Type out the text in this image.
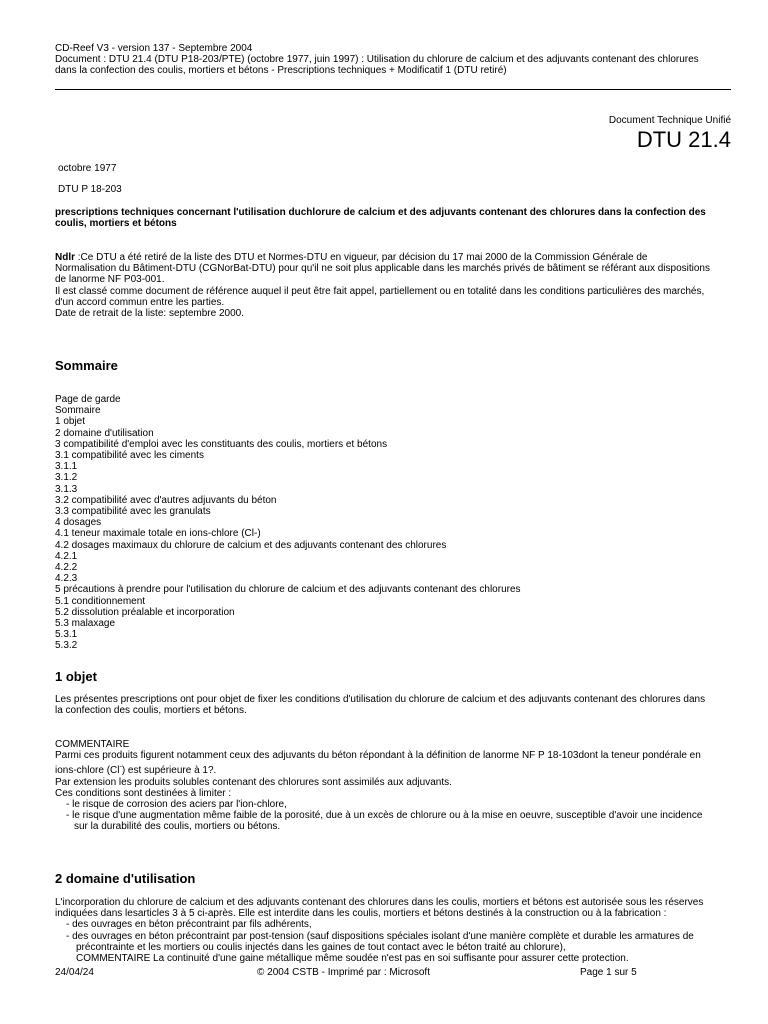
CD-Reef V3 - version 137 - Septembre 2004
Document : DTU 21.4 (DTU P18-203/PTE) (octobre 1977, juin 1997) : Utilisation du chlorure de calcium et des adjuvants contenant des chlorures
dans la confection des coulis, mortiers et bétons - Prescriptions techniques + Modificatif 1 (DTU retiré)
Document Technique Unifié
DTU 21.4
octobre 1977
DTU P 18-203
prescriptions techniques concernant l'utilisation duchlorure de calcium et des adjuvants contenant des chlorures dans la confection des coulis, mortiers et bétons
Ndlr :Ce DTU a été retiré de la liste des DTU et Normes-DTU en vigueur, par décision du 17 mai 2000 de la Commission Générale de
Normalisation du Bâtiment-DTU (CGNorBat-DTU) pour qu'il ne soit plus applicable dans les marchés privés de bâtiment se référant aux dispositions
de lanorme NF P03-001.
Il est classé comme document de référence auquel il peut être fait appel, partiellement ou en totalité dans les conditions particulières des marchés,
d'un accord commun entre les parties.
Date de retrait de la liste: septembre 2000.
Sommaire
Page de garde
Sommaire
1 objet
2 domaine d'utilisation
3 compatibilité d'emploi avec les constituants des coulis, mortiers et bétons
3.1 compatibilité avec les ciments
3.1.1
3.1.2
3.1.3
3.2 compatibilité avec d'autres adjuvants du béton
3.3 compatibilité avec les granulats
4 dosages
4.1 teneur maximale totale en ions-chlore (Cl-)
4.2 dosages maximaux du chlorure de calcium et des adjuvants contenant des chlorures
4.2.1
4.2.2
4.2.3
5 précautions à prendre pour l'utilisation du chlorure de calcium et des adjuvants contenant des chlorures
5.1 conditionnement
5.2 dissolution préalable et incorporation
5.3 malaxage
5.3.1
5.3.2
1 objet
Les présentes prescriptions ont pour objet de fixer les conditions d'utilisation du chlorure de calcium et des adjuvants contenant des chlorures dans
la confection des coulis, mortiers et bétons.
COMMENTAIRE
Parmi ces produits figurent notamment ceux des adjuvants du béton répondant à la définition de lanorme NF P 18-103dont la teneur pondérale en
ions-chlore (Cl-) est supérieure à 1?.
Par extension les produits solubles contenant des chlorures sont assimilés aux adjuvants.
Ces conditions sont destinées à limiter :
- le risque de corrosion des aciers par l'ion-chlore,
- le risque d'une augmentation même faible de la porosité, due à un excès de chlorure ou à la mise en oeuvre, susceptible d'avoir une incidence
sur la durabilité des coulis, mortiers ou bétons.
2 domaine d'utilisation
L'incorporation du chlorure de calcium et des adjuvants contenant des chlorures dans les coulis, mortiers et bétons est autorisée sous les réserves
indiquées dans lesarticles 3 à 5 ci-après. Elle est interdite dans les coulis, mortiers et bétons destinés à la construction ou à la fabrication :
- des ouvrages en béton précontraint par fils adhérents,
- des ouvrages en béton précontraint par post-tension (sauf dispositions spéciales isolant d'une manière complète et durable les armatures de
précontrainte et les mortiers ou coulis injectés dans les gaines de tout contact avec le béton traité au chlorure),
COMMENTAIRE La continuité d'une gaine métallique même soudée n'est pas en soi suffisante pour assurer cette protection.
24/04/24	© 2004 CSTB - Imprimé par : Microsoft	Page 1 sur 5
